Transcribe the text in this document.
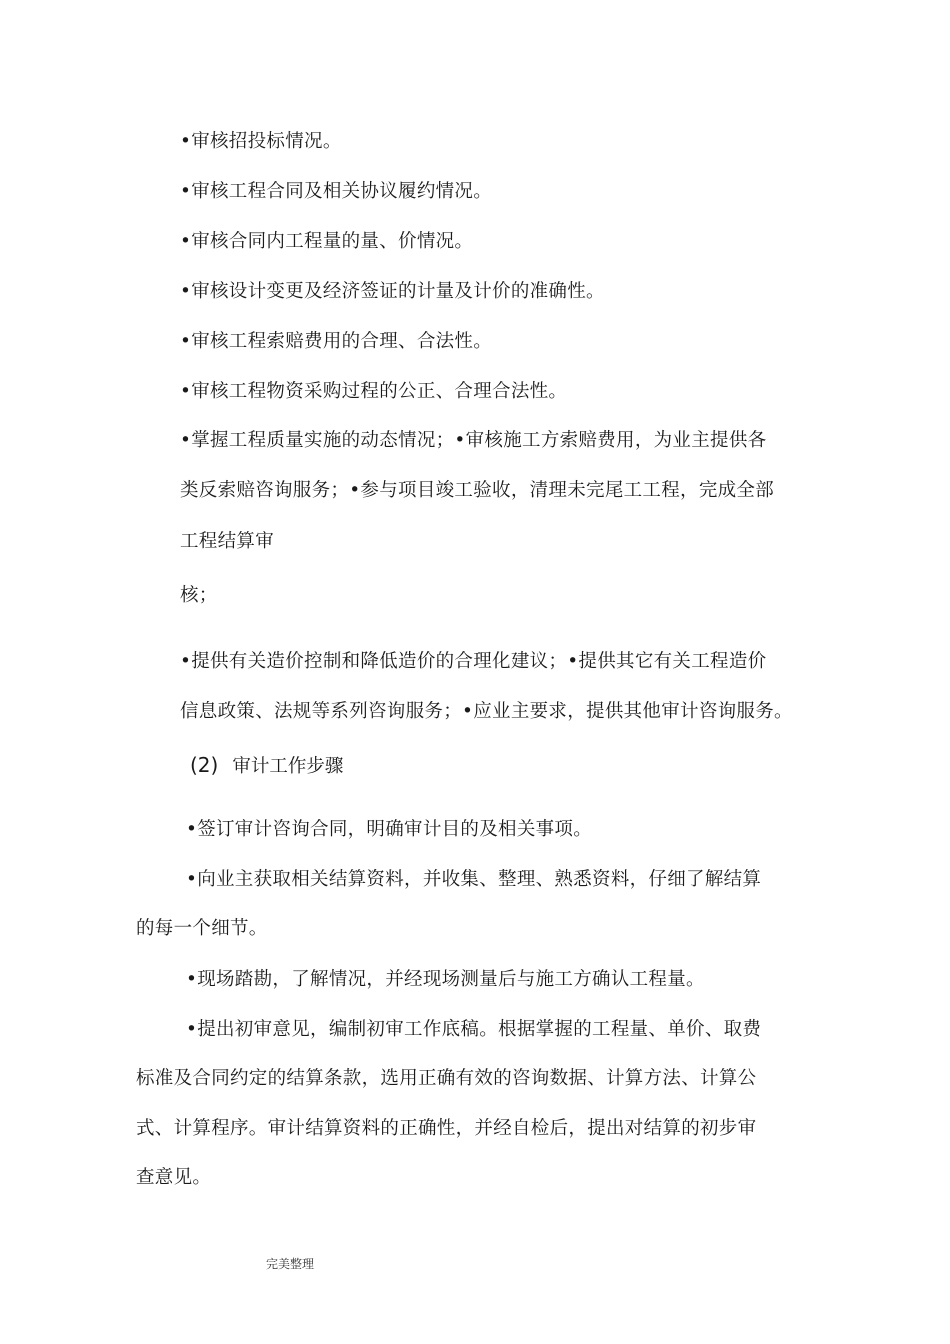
•审核招投标情况。
•审核工程合同及相关协议履约情况。
•审核合同内工程量的量、价情况。
•审核设计变更及经济签证的计量及计价的准确性。
•审核工程索赔费用的合理、合法性。
•审核工程物资采购过程的公正、合理合法性。
•掌握工程质量实施的动态情况；•审核施工方索赔费用，为业主提供各
类反索赔咨询服务；•参与项目竣工验收，清理未完尾工工程，完成全部
工程结算审
核；
•提供有关造价控制和降低造价的合理化建议；•提供其它有关工程造价
信息政策、法规等系列咨询服务；•应业主要求，提供其他审计咨询服务。
(2) 审计工作步骤
•签订审计咨询合同，明确审计目的及相关事项。
•向业主获取相关结算资料，并收集、整理、熟悉资料，仔细了解结算
的每一个细节。
•现场踏勘，了解情况，并经现场测量后与施工方确认工程量。
•提出初审意见，编制初审工作底稿。根据掌握的工程量、单价、取费
标准及合同约定的结算条款，选用正确有效的咨询数据、计算方法、计算公
式、计算程序。审计结算资料的正确性，并经自检后，提出对结算的初步审
查意见。
完美整理
